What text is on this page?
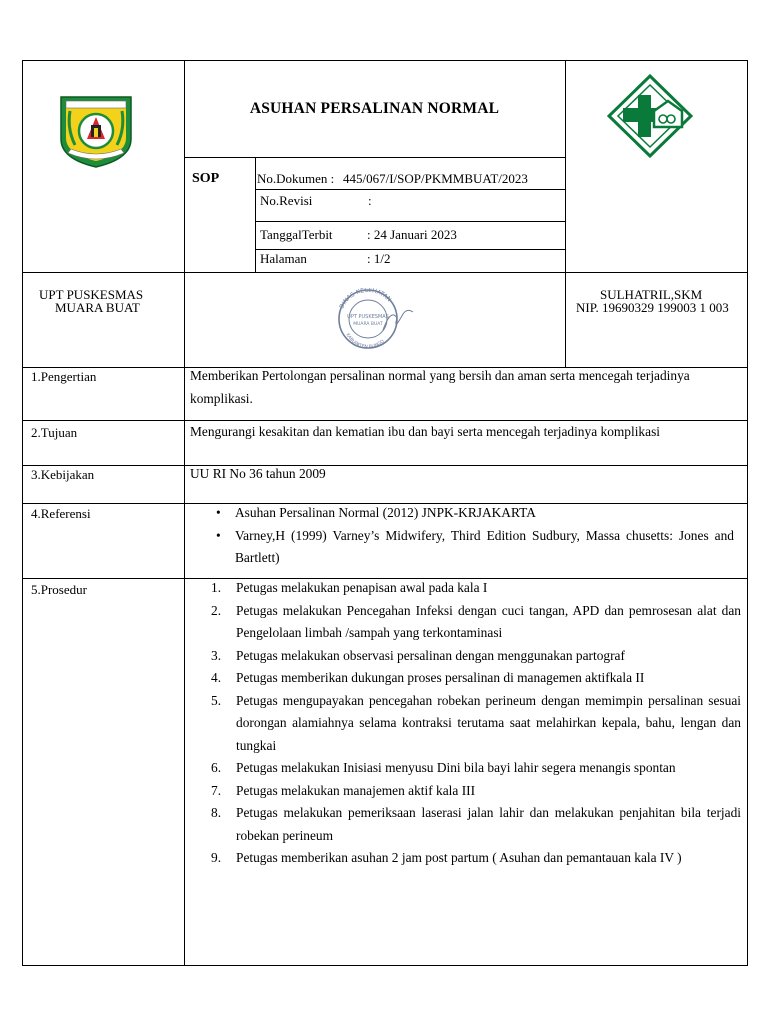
ASUHAN PERSALINAN NORMAL
SOP	No.Dokumen : 445/067/I/SOP/PKMMBUAT/2023
No.Revisi	:
TanggalTerbit	: 24 Januari 2023
Halaman	: 1/2
UPT PUSKESMAS
MUARA BUAT	DINAS KESEHATAN
KABUPATEN BUNGO
UPT PUSKESMAS
MUARA BUAT
SULHATRIL,SKM
NIP. 19690329 199003 1 003
1.Pengertian	Memberikan Pertolongan persalinan normal yang bersih dan aman serta mencegah terjadinya komplikasi.
2.Tujuan	Mengurangi kesakitan dan kematian ibu dan bayi serta mencegah terjadinya komplikasi
3.Kebijakan	UU RI No 36 tahun 2009
4.Referensi
•	Asuhan Persalinan Normal (2012) JNPK-KRJAKARTA
• Varney,H (1999) Varney’s Midwifery, Third Edition Sudbury, Massa chusetts: Jones and Bartlett)
5.Prosedur	1. Petugas melakukan penapisan awal pada kala I
2. Petugas melakukan Pencegahan Infeksi dengan cuci tangan, APD dan pemrosesan alat dan Pengelolaan limbah /sampah yang terkontaminasi
3. Petugas melakukan observasi persalinan dengan menggunakan partograf
4. Petugas memberikan dukungan proses persalinan di managemen aktifkala II
5. Petugas mengupayakan pencegahan robekan perineum dengan memimpin persalinan sesuai dorongan alamiahnya selama kontraksi terutama saat melahirkan kepala, bahu, lengan dan tungkai
6. Petugas melakukan Inisiasi menyusu Dini bila bayi lahir segera menangis spontan
7. Petugas melakukan manajemen aktif kala III
8. Petugas melakukan pemeriksaan laserasi jalan lahir dan melakukan penjahitan bila terjadi robekan perineum
9. Petugas memberikan asuhan 2 jam post partum ( Asuhan dan pemantauan kala IV )
